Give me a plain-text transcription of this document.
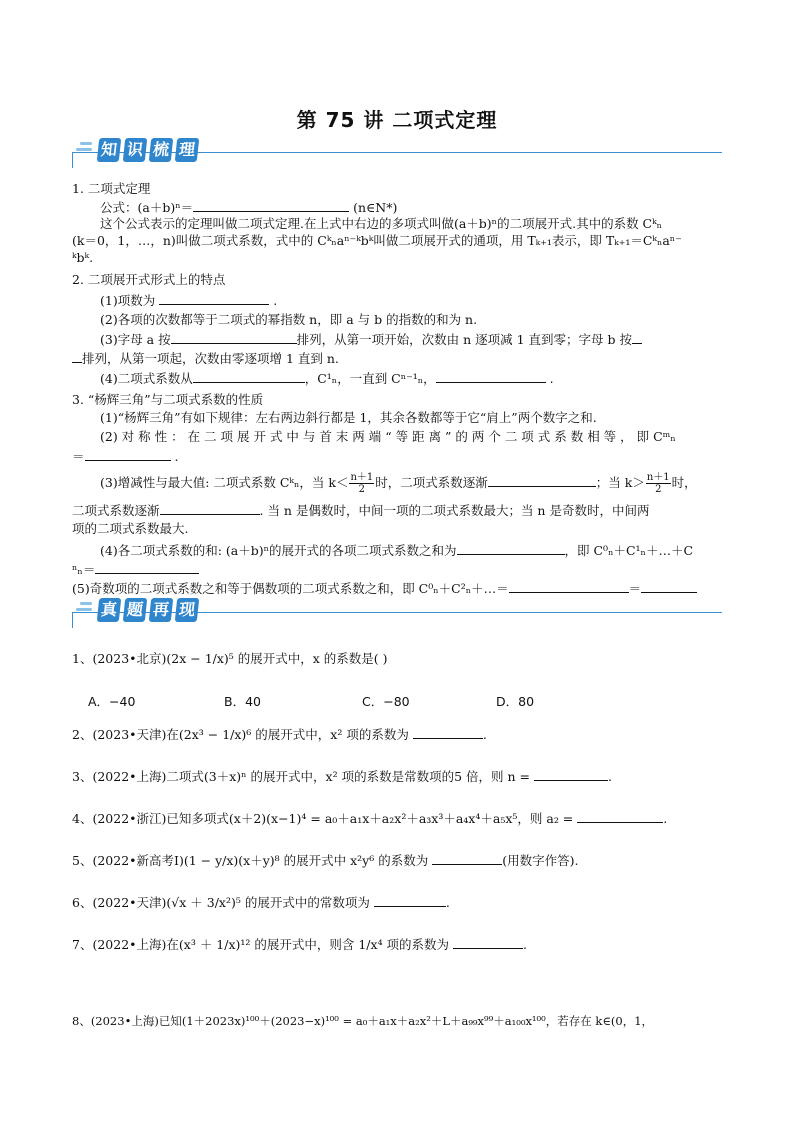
第 75 讲 二项式定理
知 识 梳 理
1. 二项式定理
公式：(a＋b)ⁿ＝	(n∈N*)
这个公式表示的定理叫做二项式定理.在上式中右边的多项式叫做(a＋b)ⁿ的二项展开式.其中的系数 Cᵏₙ
(k＝0，1，…，n)叫做二项式系数，式中的 Cᵏₙaⁿ⁻ᵏbᵏ叫做二项展开式的通项，用 Tₖ₊₁表示，即 Tₖ₊₁＝Cᵏₙaⁿ⁻
ᵏbᵏ.
2. 二项展开式形式上的特点
(1)项数为	.
(2)各项的次数都等于二项式的幂指数 n，即 a 与 b 的指数的和为 n.
(3)字母 a 按	排列，从第一项开始，次数由 n 逐项减 1 直到零；字母 b 按
排列，从第一项起，次数由零逐项增 1 直到 n.
(4)二项式系数从	，C¹ₙ，一直到 Cⁿ⁻¹ₙ，	.
3. “杨辉三角”与二项式系数的性质
(1)“杨辉三角”有如下规律：左右两边斜行都是 1，其余各数都等于它“肩上”两个数字之和.
(2) 对 称 性 ： 在 二 项 展 开 式 中 与 首 末 两 端 “ 等 距 离 ” 的 两 个 二 项 式 系 数 相 等 ， 即 Cᵐₙ
＝	.
(3)增减性与最大值: 二项式系数 Cᵏₙ，当 $k< \frac{n+1}{2}$ 时，二项式系数逐渐	；当 $k> \frac{n+1}{2}$ 时，
二项式系数逐渐	. 当 n 是偶数时，中间一项的二项式系数最大；当 n 是奇数时，中间两
项的二项式系数最大.
(4)各二项式系数的和: (a＋b)ⁿ的展开式的各项二项式系数之和为	，即 C⁰ₙ＋C¹ₙ＋…＋C
ⁿₙ＝
(5)奇数项的二项式系数之和等于偶数项的二项式系数之和，即 C⁰ₙ＋C²ₙ＋…＝	＝
真 题 再 现
1、(2023•北京)(2x − 1/x)⁵ 的展开式中，x 的系数是( )
A．−40	B．40	C．−80	D．80
2、(2023•天津)在(2x³ − 1/x)⁶ 的展开式中，x² 项的系数为	.
3、(2022•上海)二项式(3＋x)ⁿ 的展开式中，x² 项的系数是常数项的5 倍，则 n =	.
4、(2022•浙江)已知多项式(x＋2)(x−1)⁴ = a₀＋a₁x＋a₂x²＋a₃x³＋a₄x⁴＋a₅x⁵，则 a₂ =	.
5、(2022•新高考Ⅰ)(1 − y/x)(x＋y)⁸ 的展开式中 x²y⁶ 的系数为	(用数字作答).
6、(2022•天津)(√x ＋ 3/x²)⁵ 的展开式中的常数项为	.
7、(2022•上海)在(x³ ＋ 1/x)¹² 的展开式中，则含 1/x⁴ 项的系数为	.
8、(2023•上海)已知(1＋2023x)¹⁰⁰＋(2023−x)¹⁰⁰ = a₀＋a₁x＋a₂x²＋L＋a₉₉x⁹⁹＋a₁₀₀x¹⁰⁰，若存在 k∈(0，1，
